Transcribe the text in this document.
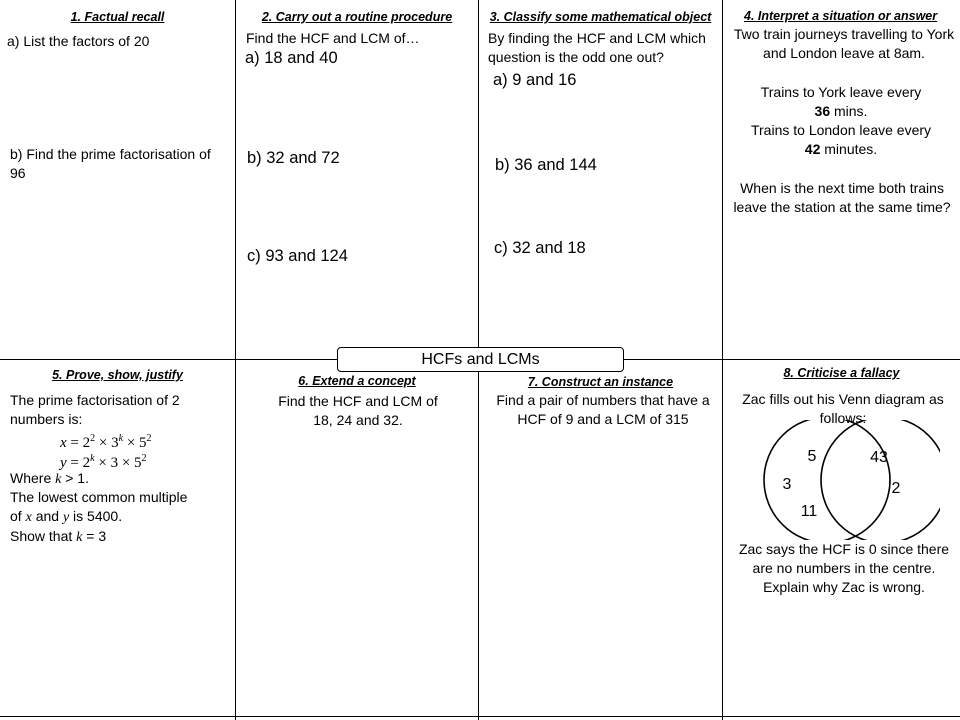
HCFs and LCMs
1. Factual recall
a) List the factors of 20
b) Find the prime factorisation of 96
2. Carry out a routine procedure
Find the HCF and LCM of…
a) 18 and 40
b) 32 and 72
c) 93 and 124
3. Classify some mathematical object
By finding the HCF and LCM which question is the odd one out?
a) 9 and 16
b) 36 and 144
c) 32 and 18
4. Interpret a situation or answer
Two train journeys travelling to York and London leave at 8am.
Trains to York leave every
36 mins.
Trains to London leave every
42 minutes.
When is the next time both trains leave the station at the same time?
5. Prove, show, justify
The prime factorisation of 2 numbers is:
$x = 2^2 \times 3^k \times 5^2$
$y = 2^k \times 3 \times 5^2$
Where k > 1.
The lowest common multiple
of x and y is 5400.
Show that k = 3
6. Extend a concept
Find the HCF and LCM of 18, 24 and 32.
7. Construct an instance
Find a pair of numbers that have a HCF of 9 and a LCM of 315
8. Criticise a fallacy
Zac fills out his Venn diagram as follows:
5
3
11
43
2
Zac says the HCF is 0 since there are no numbers in the centre. Explain why Zac is wrong.
